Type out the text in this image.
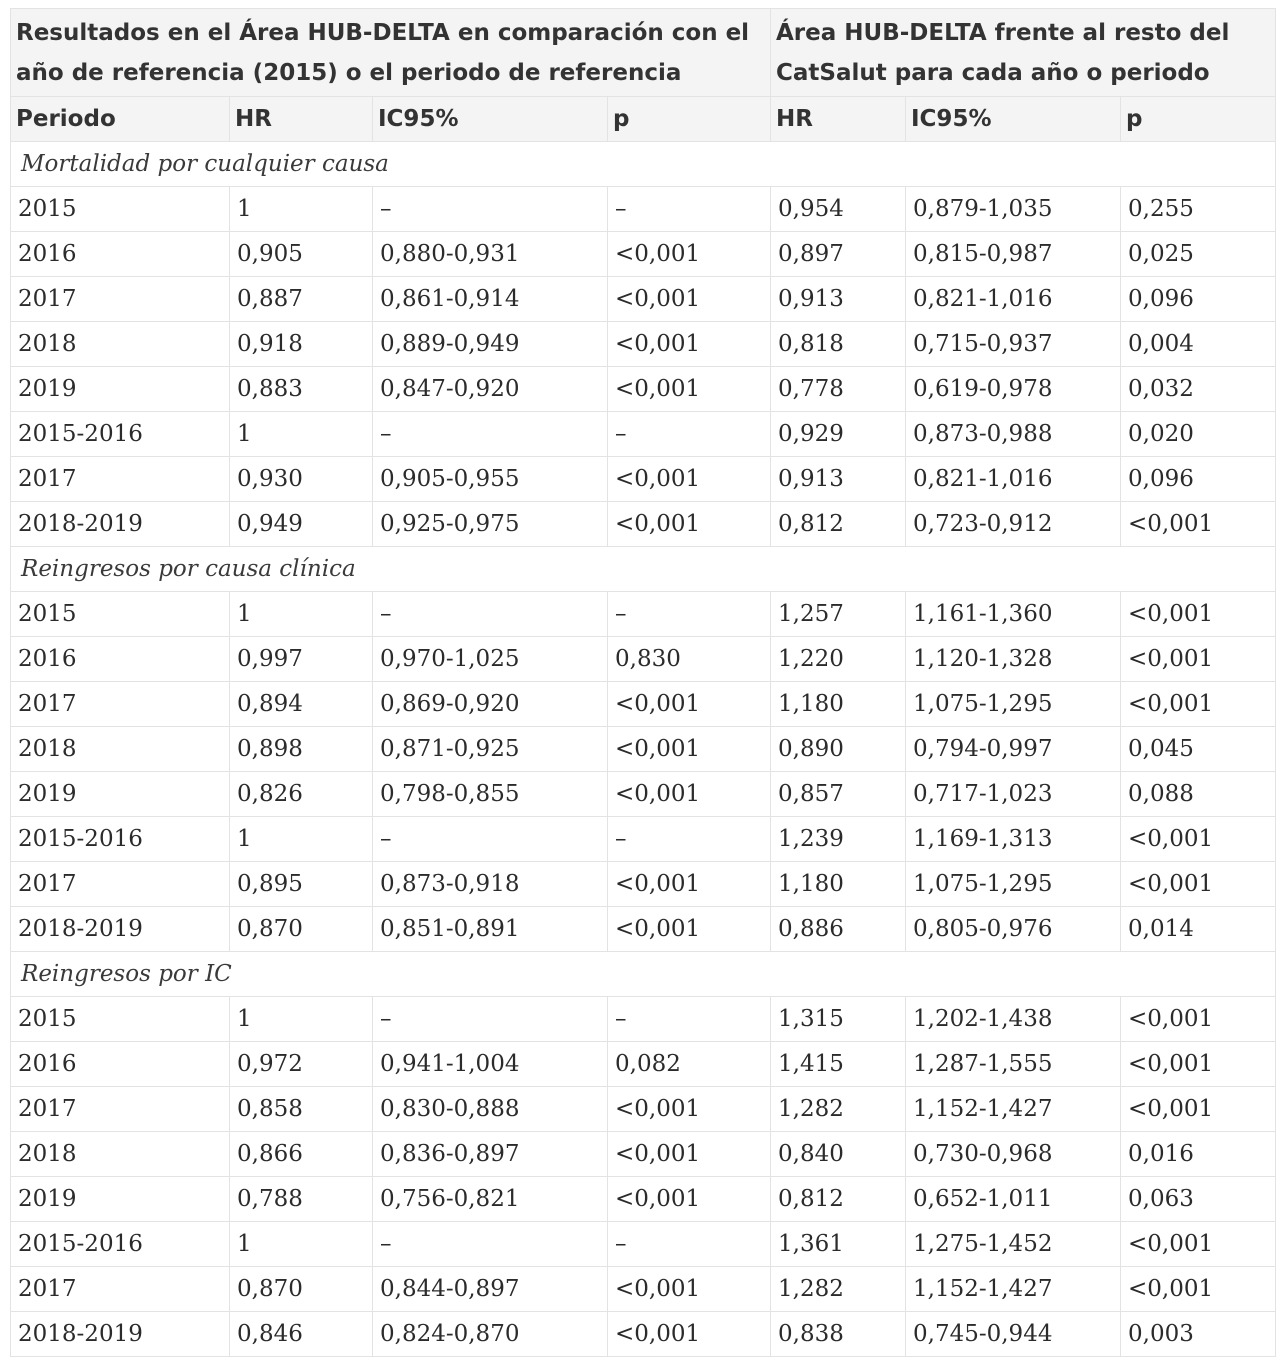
Resultados en el Área HUB-DELTA en comparación con el año de referencia (2015) o el periodo de referencia				Área HUB-DELTA frente al resto del CatSalut para cada año o periodo		
Periodo	HR	IC95%	p	HR	IC95%	p
Mortalidad por cualquier causa						
2015	1	–	–	0,954	0,879-1,035	0,255
2016	0,905	0,880-0,931	<0,001	0,897	0,815-0,987	0,025
2017	0,887	0,861-0,914	<0,001	0,913	0,821-1,016	0,096
2018	0,918	0,889-0,949	<0,001	0,818	0,715-0,937	0,004
2019	0,883	0,847-0,920	<0,001	0,778	0,619-0,978	0,032
2015-2016	1	–	–	0,929	0,873-0,988	0,020
2017	0,930	0,905-0,955	<0,001	0,913	0,821-1,016	0,096
2018-2019	0,949	0,925-0,975	<0,001	0,812	0,723-0,912	<0,001
Reingresos por causa clínica						
2015	1	–	–	1,257	1,161-1,360	<0,001
2016	0,997	0,970-1,025	0,830	1,220	1,120-1,328	<0,001
2017	0,894	0,869-0,920	<0,001	1,180	1,075-1,295	<0,001
2018	0,898	0,871-0,925	<0,001	0,890	0,794-0,997	0,045
2019	0,826	0,798-0,855	<0,001	0,857	0,717-1,023	0,088
2015-2016	1	–	–	1,239	1,169-1,313	<0,001
2017	0,895	0,873-0,918	<0,001	1,180	1,075-1,295	<0,001
2018-2019	0,870	0,851-0,891	<0,001	0,886	0,805-0,976	0,014
Reingresos por IC						
2015	1	–	–	1,315	1,202-1,438	<0,001
2016	0,972	0,941-1,004	0,082	1,415	1,287-1,555	<0,001
2017	0,858	0,830-0,888	<0,001	1,282	1,152-1,427	<0,001
2018	0,866	0,836-0,897	<0,001	0,840	0,730-0,968	0,016
2019	0,788	0,756-0,821	<0,001	0,812	0,652-1,011	0,063
2015-2016	1	–	–	1,361	1,275-1,452	<0,001
2017	0,870	0,844-0,897	<0,001	1,282	1,152-1,427	<0,001
2018-2019	0,846	0,824-0,870	<0,001	0,838	0,745-0,944	0,003
